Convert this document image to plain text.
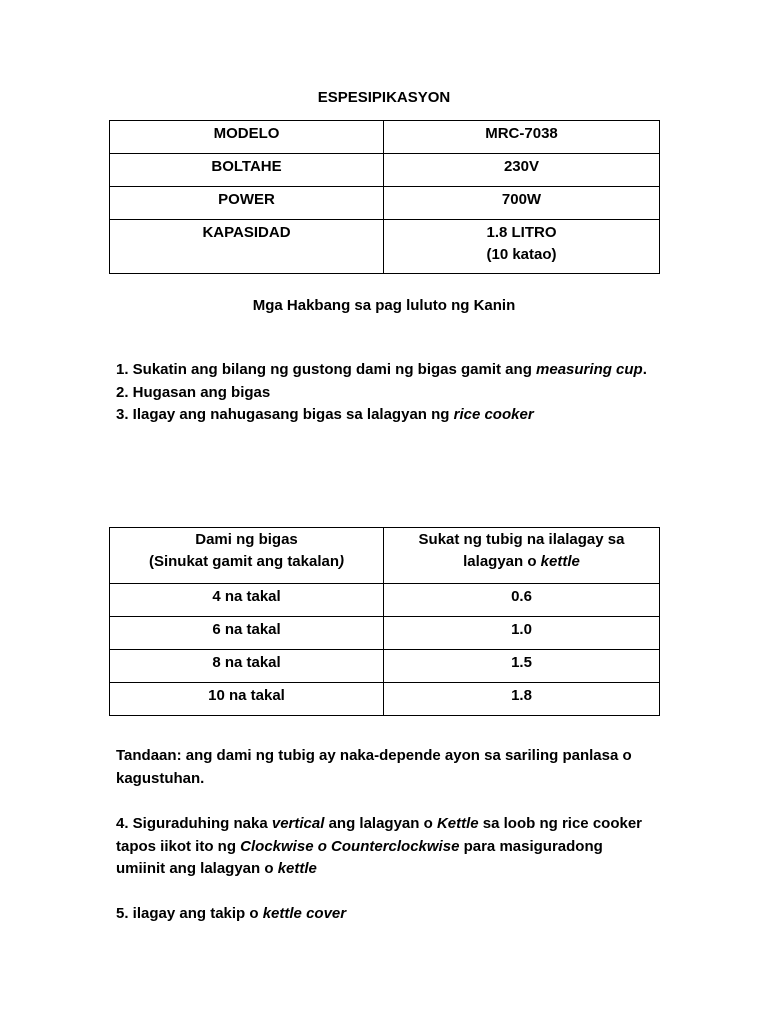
ESPESIPIKASYON
MODELO	MRC-7038

BOLTAHE	230V

POWER	700W

KAPASIDAD	1.8 LITRO
(10 katao)
Mga Hakbang sa pag luluto ng Kanin
1. Sukatin ang bilang ng gustong dami ng bigas gamit ang measuring cup.
2. Hugasan ang bigas
3. Ilagay ang nahugasang bigas sa lalagyan ng rice cooker
Dami ng bigas
(Sinukat gamit ang takalan)	Sukat ng tubig na ilalagay sa
lalagyan o kettle

4 na takal	0.6

6 na takal	1.0

8 na takal	1.5

10 na takal	1.8
Tandaan: ang dami ng tubig ay naka-depende ayon sa sariling panlasa o kagustuhan.
4. Siguraduhing naka vertical ang lalagyan o Kettle sa loob ng rice cooker tapos iikot ito ng Clockwise o Counterclockwise para masiguradong umiinit ang lalagyan o kettle
5. ilagay ang takip o kettle cover
